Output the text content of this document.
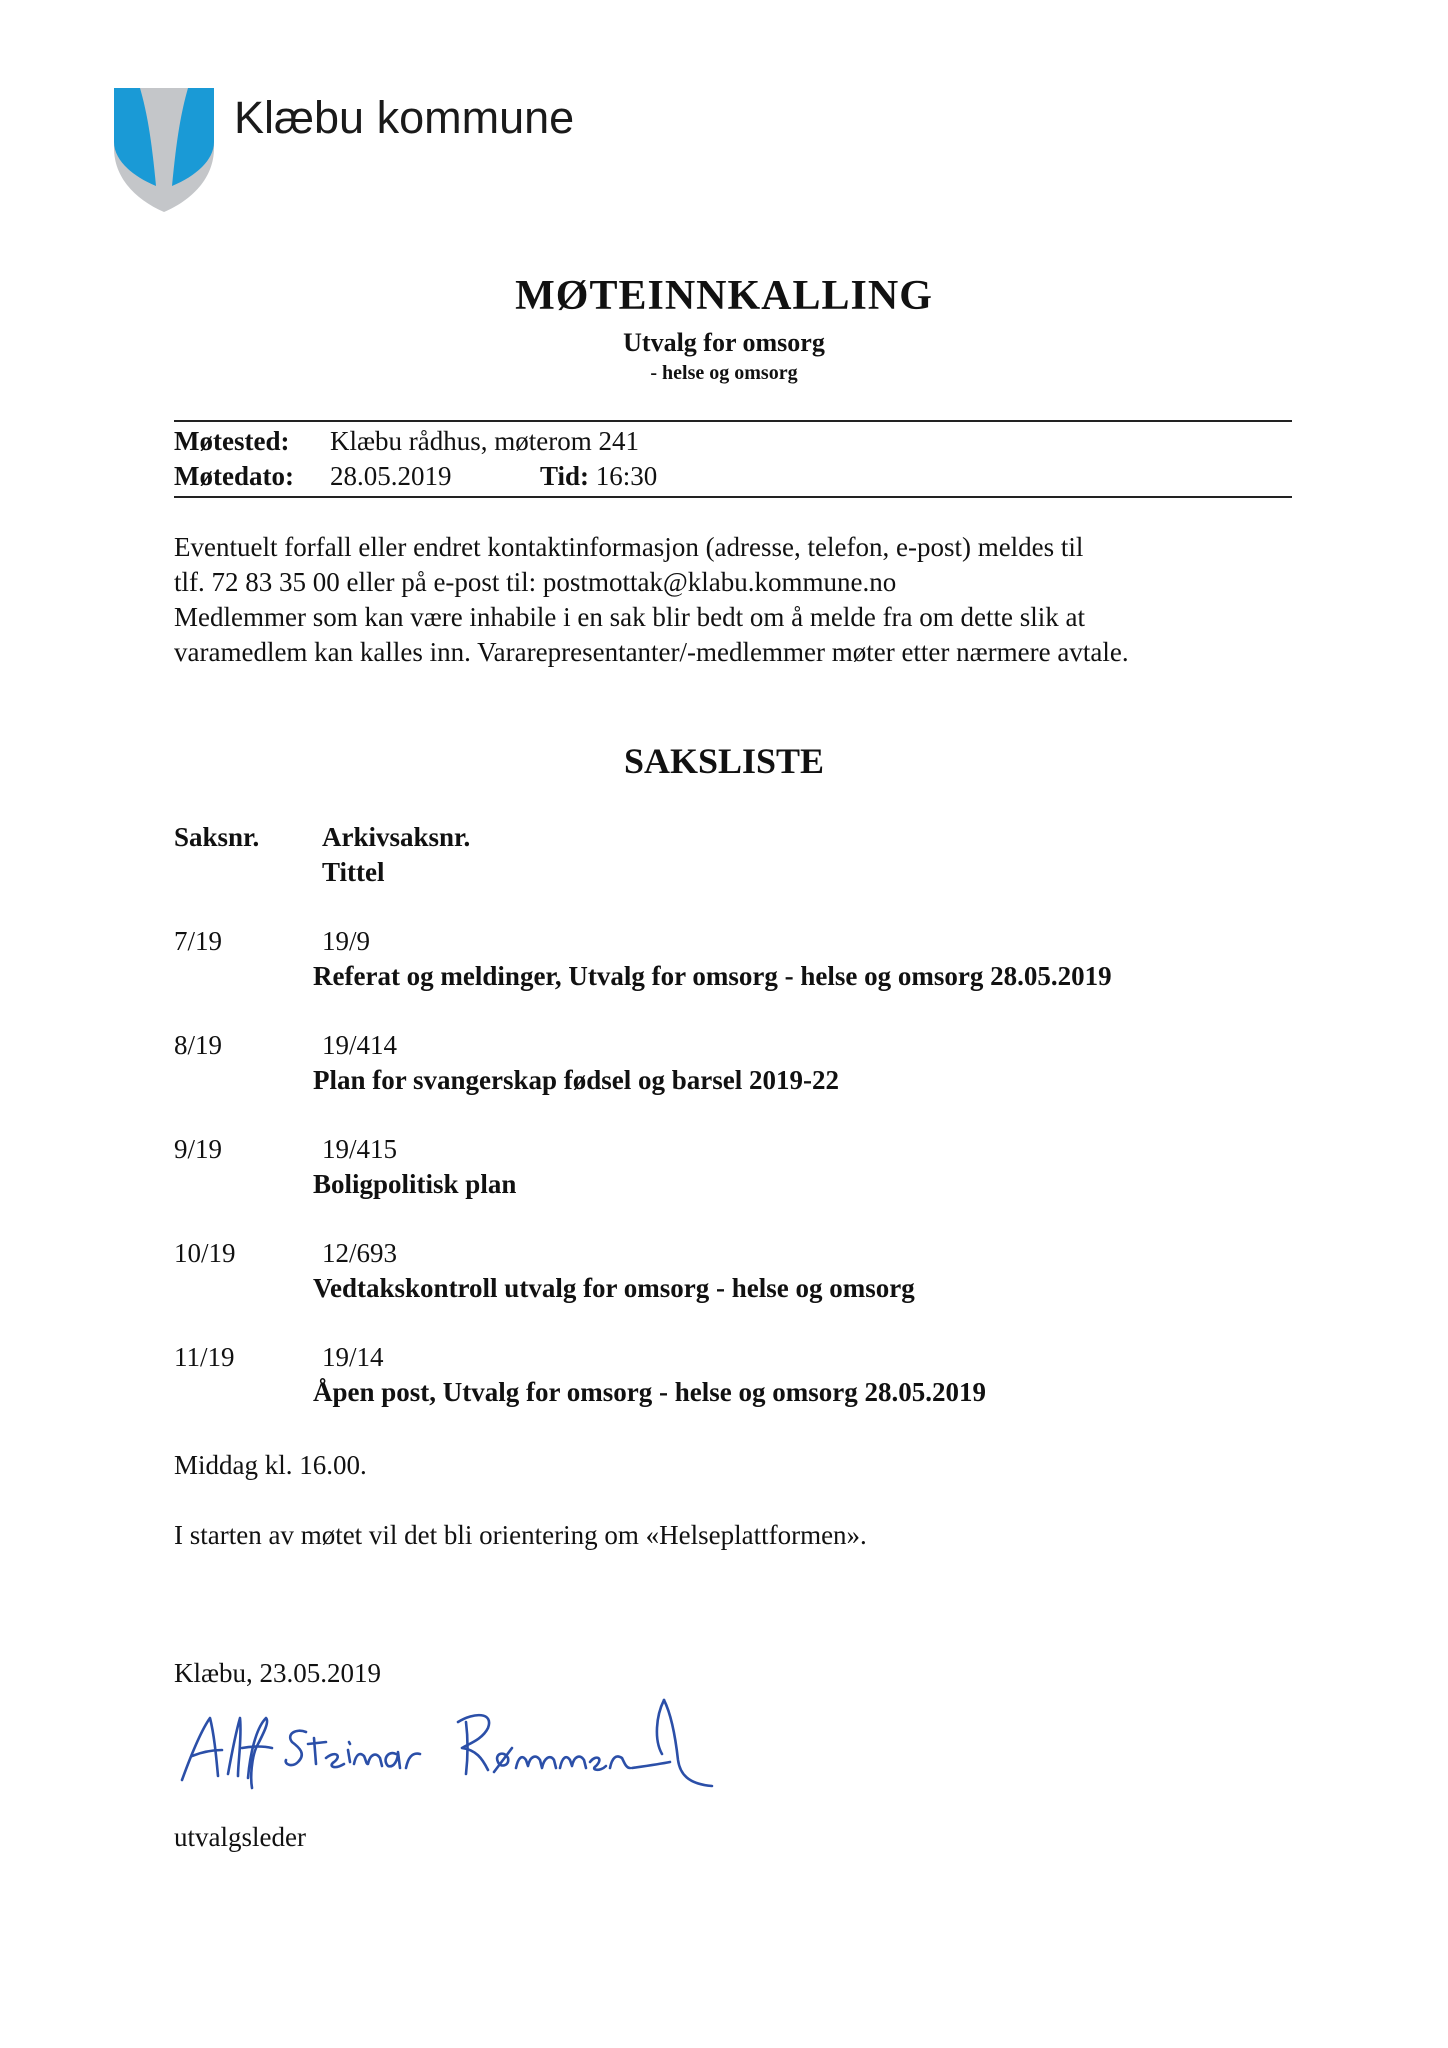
Klæbu kommune
MØTEINNKALLING
Utvalg for omsorg
- helse og omsorg
Møtested: Klæbu rådhus, møterom 241
Møtedato: 28.05.2019	Tid: 16:30
Eventuelt forfall eller endret kontaktinformasjon (adresse, telefon, e-post) meldes til
tlf. 72 83 35 00 eller på e-post til: postmottak@klabu.kommune.no
Medlemmer som kan være inhabile i en sak blir bedt om å melde fra om dette slik at
varamedlem kan kalles inn. Vararepresentanter/-medlemmer møter etter nærmere avtale.
SAKSLISTE
Saksnr. Arkivsaksnr.
Tittel
7/19	19/9
Referat og meldinger, Utvalg for omsorg - helse og omsorg 28.05.2019
8/19	19/414
Plan for svangerskap fødsel og barsel 2019-22
9/19	19/415
Boligpolitisk plan
10/19	12/693
Vedtakskontroll utvalg for omsorg - helse og omsorg
11/19	19/14
Åpen post, Utvalg for omsorg - helse og omsorg 28.05.2019
Middag kl. 16.00.
I starten av møtet vil det bli orientering om «Helseplattformen».
Klæbu, 23.05.2019
utvalgsleder
